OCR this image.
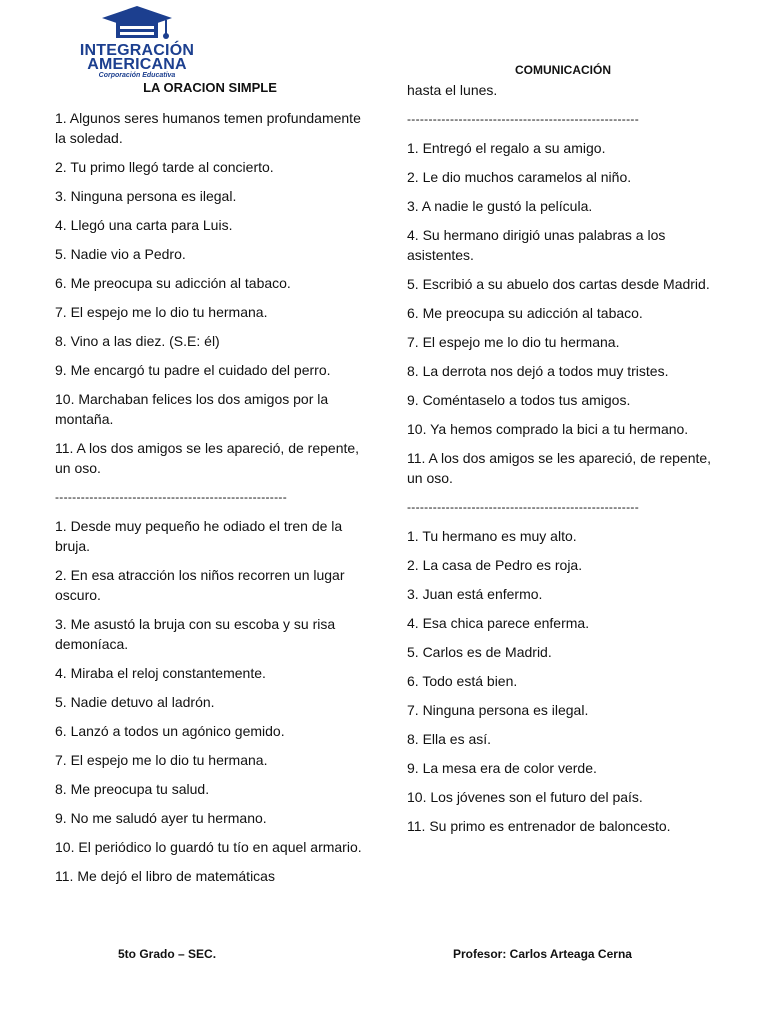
INTEGRACIÓN
AMERICANA
Corporación Educativa	COMUNICACIÓN
LA ORACION SIMPLE
1. Algunos seres humanos temen profundamente la soledad.
2. Tu primo llegó tarde al concierto.
3. Ninguna persona es ilegal.
4. Llegó una carta para Luis.
5. Nadie vio a Pedro.
6. Me preocupa su adicción al tabaco.
7. El espejo me lo dio tu hermana.
8. Vino a las diez. (S.E: él)
9. Me encargó tu padre el cuidado del perro.
10. Marchaban felices los dos amigos por la montaña.
11. A los dos amigos se les apareció, de repente, un oso.
------------------------------------------------------
1. Desde muy pequeño he odiado el tren de la bruja.
2. En esa atracción los niños recorren un lugar oscuro.
3. Me asustó la bruja con su escoba y su risa demoníaca.
4. Miraba el reloj constantemente.
5. Nadie detuvo al ladrón.
6. Lanzó a todos un agónico gemido.
7. El espejo me lo dio tu hermana.
8. Me preocupa tu salud.
9. No me saludó ayer tu hermano.
10. El periódico lo guardó tu tío en aquel armario.
11. Me dejó el libro de matemáticas
hasta el lunes.
------------------------------------------------------
1. Entregó el regalo a su amigo.
2. Le dio muchos caramelos al niño.
3. A nadie le gustó la película.
4. Su hermano dirigió unas palabras a los asistentes.
5. Escribió a su abuelo dos cartas desde Madrid.
6. Me preocupa su adicción al tabaco.
7. El espejo me lo dio tu hermana.
8. La derrota nos dejó a todos muy tristes.
9. Coméntaselo a todos tus amigos.
10. Ya hemos comprado la bici a tu hermano.
11. A los dos amigos se les apareció, de repente, un oso.
------------------------------------------------------
1. Tu hermano es muy alto.
2. La casa de Pedro es roja.
3. Juan está enfermo.
4. Esa chica parece enferma.
5. Carlos es de Madrid.
6. Todo está bien.
7. Ninguna persona es ilegal.
8. Ella es así.
9. La mesa era de color verde.
10. Los jóvenes son el futuro del país.
11. Su primo es entrenador de baloncesto.
5to Grado – SEC.	Profesor: Carlos Arteaga Cerna
